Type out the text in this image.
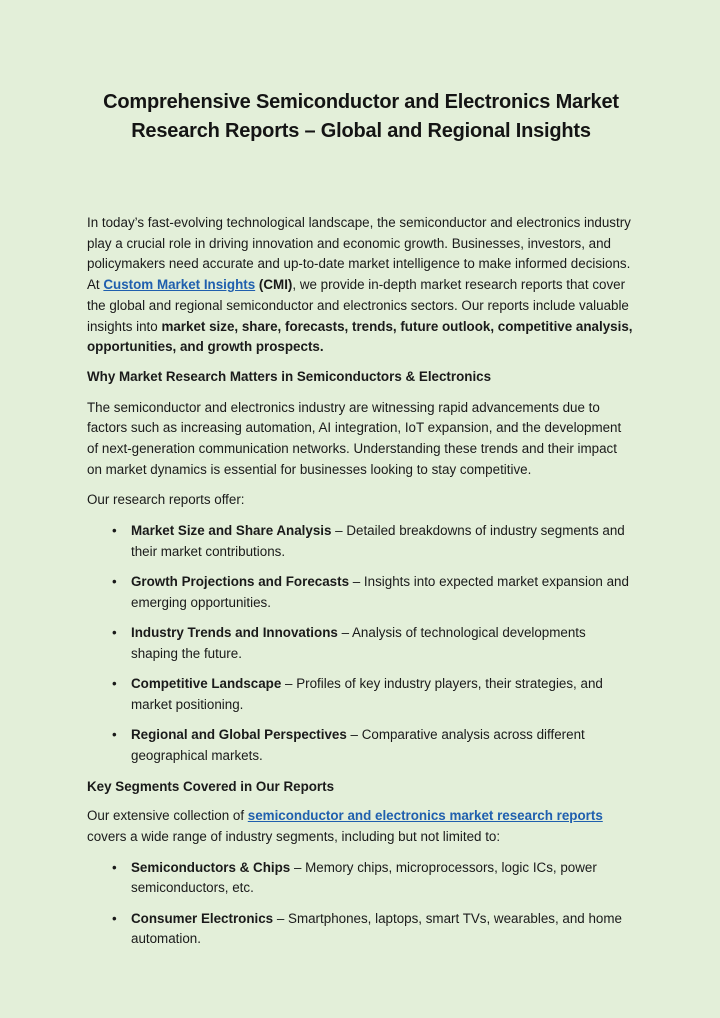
Comprehensive Semiconductor and Electronics Market
Research Reports – Global and Regional Insights

In today’s fast-evolving technological landscape, the semiconductor and electronics industry play a crucial role in driving innovation and economic growth. Businesses, investors, and policymakers need accurate and up-to-date market intelligence to make informed decisions. At Custom Market Insights (CMI), we provide in-depth market research reports that cover the global and regional semiconductor and electronics sectors. Our reports include valuable insights into market size, share, forecasts, trends, future outlook, competitive analysis, opportunities, and growth prospects.

Why Market Research Matters in Semiconductors & Electronics

The semiconductor and electronics industry are witnessing rapid advancements due to factors such as increasing automation, AI integration, IoT expansion, and the development of next-generation communication networks. Understanding these trends and their impact on market dynamics is essential for businesses looking to stay competitive.

Our research reports offer:

• Market Size and Share Analysis – Detailed breakdowns of industry segments and their market contributions.
• Growth Projections and Forecasts – Insights into expected market expansion and emerging opportunities.
• Industry Trends and Innovations – Analysis of technological developments shaping the future.
• Competitive Landscape – Profiles of key industry players, their strategies, and market positioning.
• Regional and Global Perspectives – Comparative analysis across different geographical markets.

Key Segments Covered in Our Reports

Our extensive collection of semiconductor and electronics market research reports covers a wide range of industry segments, including but not limited to:

• Semiconductors & Chips – Memory chips, microprocessors, logic ICs, power semiconductors, etc.
• Consumer Electronics – Smartphones, laptops, smart TVs, wearables, and home automation.
